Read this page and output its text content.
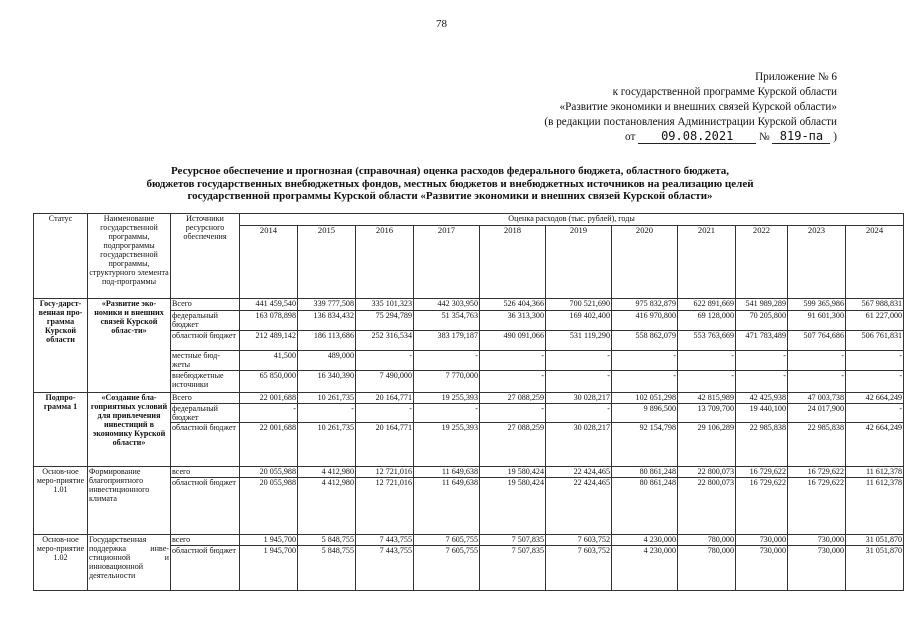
78
Приложение № 6
к государственной программе Курской области
«Развитие экономики и внешних связей Курской области»
(в редакции постановления Администрации Курской области
от 09.08.2021 № 819-па )
Ресурсное обеспечение и прогнозная (справочная) оценка расходов федерального бюджета, областного бюджета,
бюджетов государственных внебюджетных фондов, местных бюджетов и внебюджетных источников на реализацию целей
государственной программы Курской области «Развитие экономики и внешних связей Курской области»
Статус	Наименование государственной программы, подпрограммы государственной программы, структурного элемента под-программы	Источники ресурсного обеспечения	Оценка расходов (тыс. рублей), годы										
			2014	2015	2016	2017	2018	2019	2020	2021	2022	2023	2024
Госу-дарст-венная про-грамма Курской области	«Развитие эко-номики и внешних связей Курской облас-ти»	Всего	441 459,540	339 777,508	335 101,323	442 303,950	526 404,366	700 521,690	975 832,879	622 891,669	541 989,289	599 365,986	567 988,831
		федеральный бюджет	163 078,898	136 834,432	75 294,789	51 354,763	36 313,300	169 402,400	416 970,800	69 128,000	70 205,800	91 601,300	61 227,000
		областной бюджет	212 489,142	186 113,686	252 316,534	383 179,187	490 091,066	531 119,290	558 862,079	553 763,669	471 783,489	507 764,686	506 761,831
		местные бюд-жеты	41,500	489,000	-	-	-	-	-	-	-	-	-
		внебюджетные источники	65 850,000	16 340,390	7 490,000	7 770,000	-	-	-	-	-	-	-
Подпро-грамма 1	«Создание бла-гоприятных условий для привлечения инвестиций в экономику Курской области»	Всего	22 001,688	10 261,735	20 164,771	19 255,393	27 088,259	30 028,217	102 051,298	42 815,989	42 425,938	47 003,738	42 664,249
		федеральный бюджет	-	-	-	-	-	-	9 896,500	13 709,700	19 440,100	24 017,900	-
		областной бюджет	22 001,688	10 261,735	20 164,771	19 255,393	27 088,259	30 028,217	92 154,798	29 106,289	22 985,838	22 985,838	42 664,249
Основ-ное меро-приятие 1.01	Формирование благоприятного инвестиционного климата	всего	20 055,988	4 412,980	12 721,016	11 649,638	19 580,424	22 424,465	80 861,248	22 800,073	16 729,622	16 729,622	11 612,378
		областной бюджет	20 055,988	4 412,980	12 721,016	11 649,638	19 580,424	22 424,465	80 861,248	22 800,073	16 729,622	16 729,622	11 612,378
Основ-ное меро-приятие 1.02	Государственная поддержка инве-стиционной и инновационной деятельности	всего	1 945,700	5 848,755	7 443,755	7 605,755	7 507,835	7 603,752	4 230,000	780,000	730,000	730,000	31 051,870
		областной бюджет	1 945,700	5 848,755	7 443,755	7 605,755	7 507,835	7 603,752	4 230,000	780,000	730,000	730,000	31 051,870
